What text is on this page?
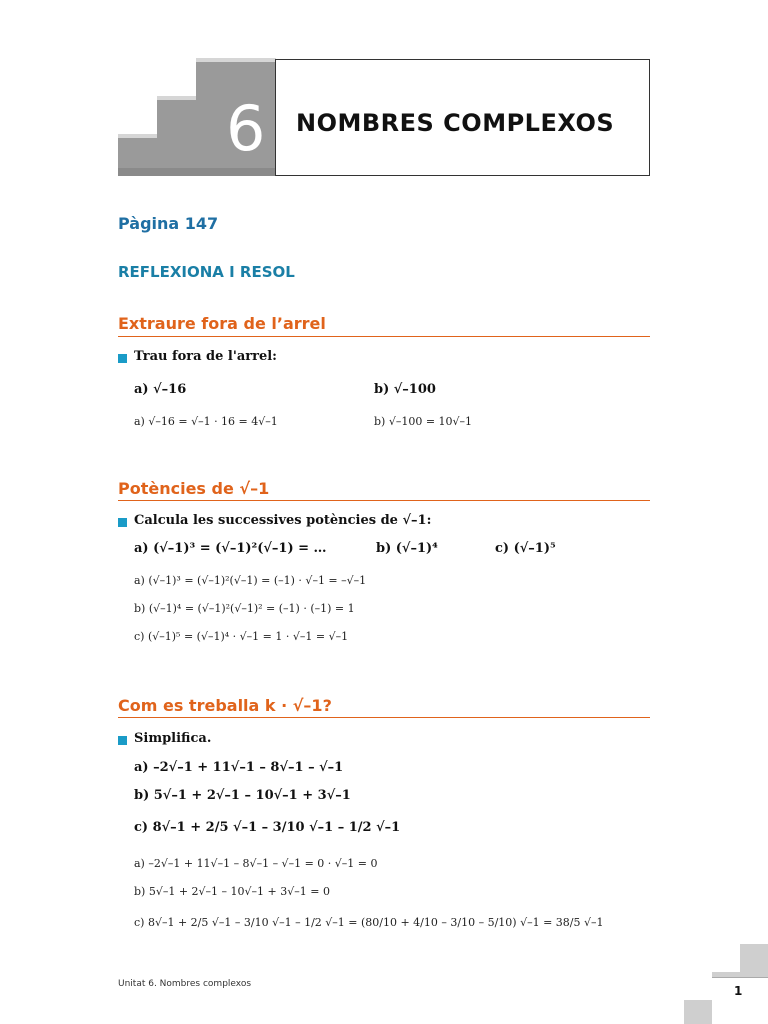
6 NOMBRES COMPLEXOS
Pàgina 147
REFLEXIONA I RESOL
Extraure fora de l’arrel
Trau fora de l'arrel:
a) √–16	b) √–100
a) √–16 = √–1 · 16 = 4√–1	b) √–100 = 10√–1
Potències de √–1
Calcula les successives potències de √–1:
a) (√–1)³ = (√–1)²(√–1) = …	b) (√–1)⁴	c) (√–1)⁵
a) (√–1)³ = (√–1)²(√–1) = (–1) · √–1 = –√–1
b) (√–1)⁴ = (√–1)²(√–1)² = (–1) · (–1) = 1
c) (√–1)⁵ = (√–1)⁴ · √–1 = 1 · √–1 = √–1
Com es treballa k · √–1?
Simplifica.
a) –2√–1 + 11√–1 – 8√–1 – √–1
b) 5√–1 + 2√–1 – 10√–1 + 3√–1
c) 8√–1 + 2/5 √–1 – 3/10 √–1 – 1/2 √–1
a) –2√–1 + 11√–1 – 8√–1 – √–1 = 0 · √–1 = 0
b) 5√–1 + 2√–1 – 10√–1 + 3√–1 = 0
c) 8√–1 + 2/5 √–1 – 3/10 √–1 – 1/2 √–1 = (80/10 + 4/10 – 3/10 – 5/10) √–1 = 38/5 √–1
Unitat 6. Nombres complexos	1
